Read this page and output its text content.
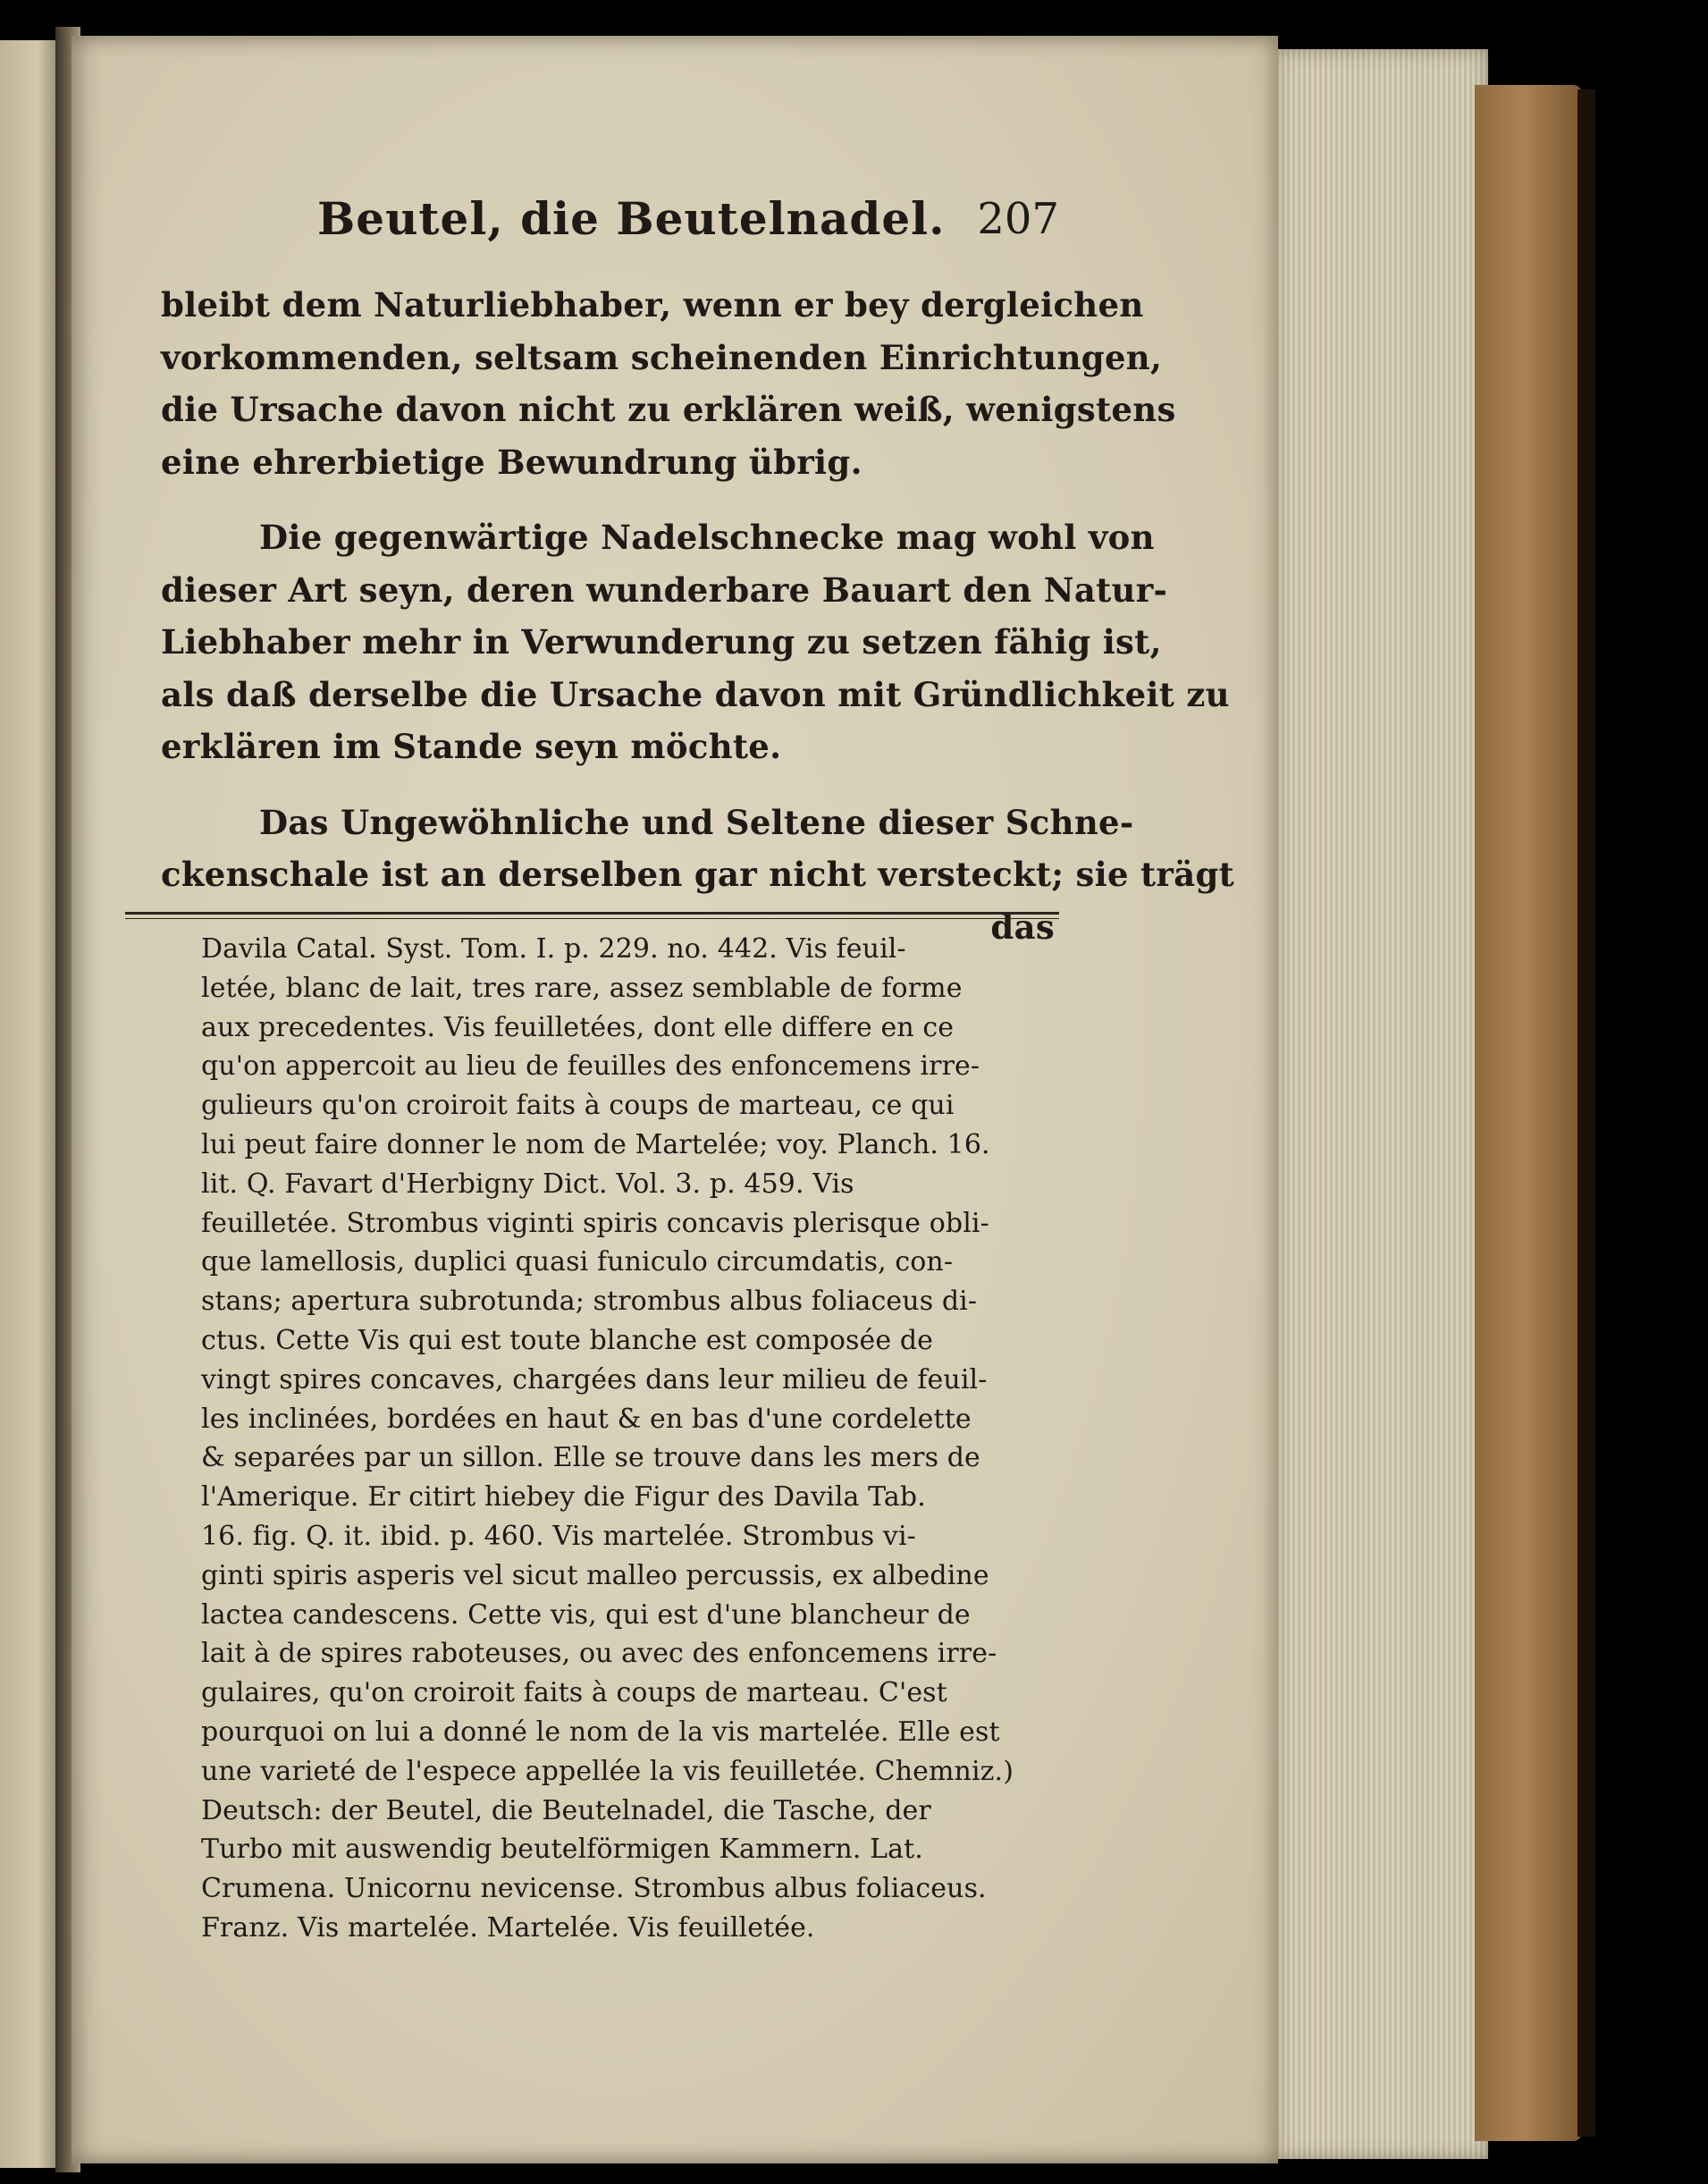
Beutel, die Beutelnadel. 207
bleibt dem Naturliebhaber, wenn er bey dergleichen
vorkommenden, seltsam scheinenden Einrichtungen,
die Ursache davon nicht zu erklären weiß, wenigstens
eine ehrerbietige Bewundrung übrig.
Die gegenwärtige Nadelschnecke mag wohl von
dieser Art seyn, deren wunderbare Bauart den Natur-
Liebhaber mehr in Verwunderung zu setzen fähig ist,
als daß derselbe die Ursache davon mit Gründlichkeit zu
erklären im Stande seyn möchte.
Das Ungewöhnliche und Seltene dieser Schne-
ckenschale ist an derselben gar nicht versteckt; sie trägt
das
Davila Catal. Syst. Tom. I. p. 229. no. 442. Vis feuil-
letée, blanc de lait, tres rare, assez semblable de forme
aux precedentes. Vis feuilletées, dont elle differe en ce
qu'on appercoit au lieu de feuilles des enfoncemens irre-
gulieurs qu'on croiroit faits à coups de marteau, ce qui
lui peut faire donner le nom de Martelée; voy. Planch. 16.
lit. Q. Favart d'Herbigny Dict. Vol. 3. p. 459. Vis
feuilletée. Strombus viginti spiris concavis plerisque obli-
que lamellosis, duplici quasi funiculo circumdatis, con-
stans; apertura subrotunda; strombus albus foliaceus di-
ctus. Cette Vis qui est toute blanche est composée de
vingt spires concaves, chargées dans leur milieu de feuil-
les inclinées, bordées en haut & en bas d'une cordelette
& separées par un sillon. Elle se trouve dans les mers de
l'Amerique. Er citirt hiebey die Figur des Davila Tab.
16. fig. Q. it. ibid. p. 460. Vis martelée. Strombus vi-
ginti spiris asperis vel sicut malleo percussis, ex albedine
lactea candescens. Cette vis, qui est d'une blancheur de
lait à de spires raboteuses, ou avec des enfoncemens irre-
gulaires, qu'on croiroit faits à coups de marteau. C'est
pourquoi on lui a donné le nom de la vis martelée. Elle est
une varieté de l'espece appellée la vis feuilletée. Chemniz.)
Deutsch: der Beutel, die Beutelnadel, die Tasche, der
Turbo mit auswendig beutelförmigen Kammern. Lat.
Crumena. Unicornu nevicense. Strombus albus foliaceus.
Franz. Vis martelée. Martelée. Vis feuilletée.
